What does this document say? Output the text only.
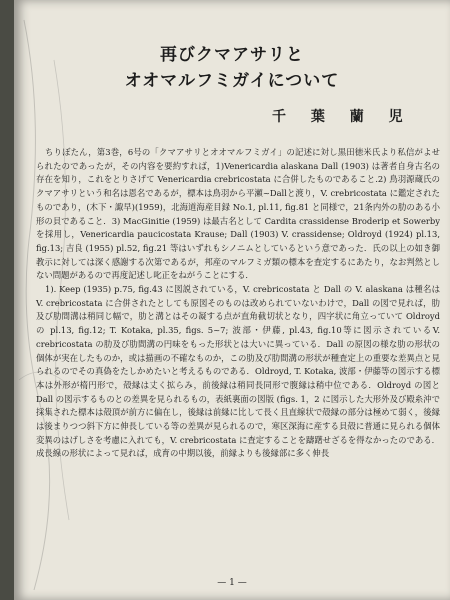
再びクマアサリと
オオマルフミガイについて
千 葉 蘭 児

ちりぼたん，第3巻，6号の「クマアサリとオオマルフミガイ」の記述に対し黒田徳米氏より私信がよせられたのであったが，その内容を要約すれば，1)Venericardia alaskana Dall (1903) は著者自身古名の存在を知り，これをとりさげて Venericardia crebricostata に合併したものであること.2) 鳥羽源蔵氏のクマアサリという和名は恩名であるが，標本は鳥羽から平瀬~Dallと渡り，V. crebricostata に鑑定されたものであり，(木下・諏早)(1959)，北海道海産目録 No.1, pl.11, fig.81 と同様で，21条内外の肋のある小形の貝であること．3) MacGinitie (1959) は最古名として Cardita crassidense Broderip et Sowerby を採用し，Venericardia paucicostata Krause; Dall (1903) V. crassidense; Oldroyd (1924) pl.13, fig.13; 吉良 (1955) pl.52, fig.21 等はいずれもシノニムとしているという意であった．氏の以上の如き御教示に対しては深く感謝する次第であるが，邦産のマルフミガ類の標本を査定するにあたり，なお判然としない問題があるので再度記述し叱正をねがうことにする．

1). Keep (1935) p.75, fig.43 に図説されている，V. crebricostata と Dall の V. alaskana は種名はV. crebricostata に合併されたとしても原図そのものは改められていないわけで，Dall の図で見れば，肋及び肋間溝は稍同じ幅で，肋と溝とはその凝する点が直角截切状となり，四字状に角立っていて Oldroyd の pl.13, fig.12; T. Kotaka, pl.35, figs. 5~7; 波部・伊藤, pl.43, fig.10等に図示されているV. crebricostata の肋及び肋間溝の円味をもった形状とは大いに異っている．Dall の原図の様な肋の形状の個体が実在したものか，或は描画の不確なものか，この肋及び肋間溝の形状が種査定上の重要な差異点と見られるのでその真偽をたしかめたいと考えるものである．Oldroyd, T. Kotaka, 波部・伊藤等の図示する標本は外形が楕円形で，殻縁は丈く拡らみ，前後縁は稍同長同形で腹縁は稍中位である．Oldroyd の図と Dall の図示するものとの差異を見られるもの，表紙裏面の図版 (figs. 1，2 に図示した大形外及び殿糸沖で採集された標本は殻頂が前方に偏在し，後縁は前縁に比して長く且直線状で殻縁の部分は極めて弱く，後縁は後まりつつ斜下方に伸長している等の差異が見られるので，寒区深海に産する貝殻に普通に見られる個体変異のはげしさを考慮に入れても，V. crebricostata に査定することを躊躇せざるを得なかったのである．成長線の形状によって見れば，成育の中期以後，前縁よりも後縁部に多く伸長

— 1 —
